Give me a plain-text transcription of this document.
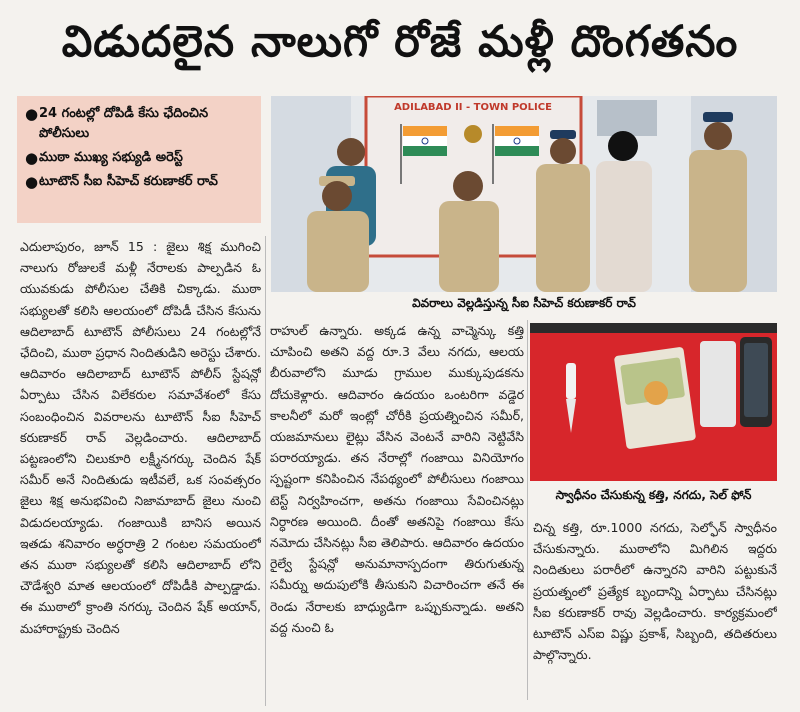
విడుదలైన నాలుగో రోజే మళ్లీ దొంగతనం
● 24 గంటల్లో దోపిడీ కేసు ఛేదించిన పోలీసులు
● ముఠా ముఖ్య సభ్యుడి అరెస్ట్
● టూటౌన్ సీఐ సీహెచ్ కరుణాకర్ రావ్
ADILABAD II - TOWN POLICE
వివరాలు వెల్లడిస్తున్న సీఐ సీహెచ్ కరుణాకర్ రావ్
స్వాధీనం చేసుకున్న కత్తి, నగదు, సెల్ ఫోన్

ఎదులాపురం, జూన్ 15 : జైలు శిక్ష ముగించి నాలుగు రోజులకే మళ్లీ నేరాలకు పాల్పడిన ఓ యువకుడు పోలీసుల చేతికి చిక్కాడు. ముఠా సభ్యులతో కలిసి ఆలయంలో దోపిడీ చేసిన కేసును ఆదిలాబాద్ టూటౌన్ పోలీసులు 24 గంటల్లోనే ఛేదించి, ముఠా ప్రధాన నిందితుడిని అరెస్టు చేశారు. ఆదివారం ఆదిలాబాద్ టూటౌన్ పోలీస్ స్టేషన్లో ఏర్పాటు చేసిన విలేకరుల సమావేశంలో కేసు సంబంధించిన వివరాలను టూటౌన్ సీఐ సీహెచ్ కరుణాకర్ రావ్ వెల్లడించారు. ఆదిలాబాద్ పట్టణంలోని చిలుకూరి లక్ష్మీనగర్కు చెందిన షేక్ సమీర్ అనే నిందితుడు ఇటీవలే, ఒక సంవత్సరం జైలు శిక్ష అనుభవించి నిజామాబాద్ జైలు నుంచి విడుదలయ్యాడు. గంజాయికి బానిస అయిన ఇతడు శనివారం అర్ధరాత్రి 2 గంటల సమయంలో తన ముఠా సభ్యులతో కలిసి ఆదిలాబాద్ లోని చౌడేశ్వరి మాత ఆలయంలో దోపిడీకి పాల్పడ్డాడు. ఈ ముఠాలో క్రాంతి నగర్కు చెందిన షేక్ అయాన్, మహారాష్ట్రకు చెందిన

రాహుల్ ఉన్నారు. అక్కడ ఉన్న వాచ్మెన్కు కత్తి చూపించి అతని వద్ద రూ.3 వేలు నగదు, ఆలయ బీరువాలోని మూడు గ్రాముల ముక్కుపుడకను దోచుకెళ్లారు. ఆదివారం ఉదయం ఒంటరిగా వడ్డెర కాలనీలో మరో ఇంట్లో చోరీకి ప్రయత్నించిన సమీర్, యజమానులు లైట్లు వేసిన వెంటనే వారిని నెట్టివేసి పరారయ్యాడు. తన నేరాల్లో గంజాయి వినియోగం స్పష్టంగా కనిపించిన నేపథ్యంలో పోలీసులు గంజాయి టెస్ట్ నిర్వహించగా, అతను గంజాయి సేవించినట్లు నిర్ధారణ అయింది. దీంతో అతనిపై గంజాయి కేసు నమోదు చేసినట్లు సీఐ తెలిపారు. ఆదివారం ఉదయం రైల్వే స్టేషన్లో అనుమానాస్పదంగా తిరుగుతున్న సమీర్ను అదుపులోకి తీసుకుని విచారించగా తనే ఈ రెండు నేరాలకు బాధ్యుడిగా ఒప్పుకున్నాడు. అతని వద్ద నుంచి ఓ

చిన్న కత్తి, రూ.1000 నగదు, సెల్ఫోన్ స్వాధీనం చేసుకున్నారు. ముఠాలోని మిగిలిన ఇద్దరు నిందితులు పరారీలో ఉన్నారని వారిని పట్టుకునే ప్రయత్నంలో ప్రత్యేక బృందాన్ని ఏర్పాటు చేసినట్లు సీఐ కరుణాకర్ రావు వెల్లడించారు. కార్యక్రమంలో టూటౌన్ ఎస్ఐ విష్ణు ప్రకాశ్, సిబ్బంది, తదితరులు పాల్గొన్నారు.
